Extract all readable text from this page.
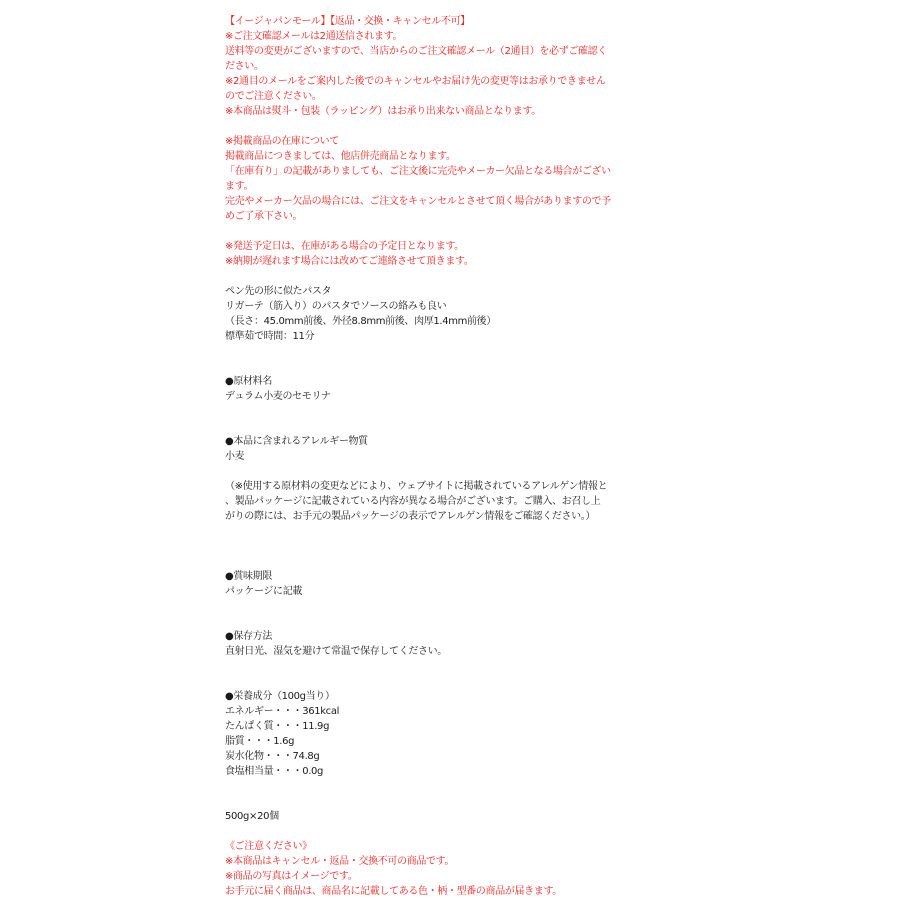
【イージャパンモール】【返品・交換・キャンセル不可】
※ご注文確認メールは2通送信されます。
送料等の変更がございますので、当店からのご注文確認メール（2通目）を必ずご確認く
ださい。
※2通目のメールをご案内した後でのキャンセルやお届け先の変更等はお承りできません
のでご注意ください。
※本商品は熨斗・包装（ラッピング）はお承り出来ない商品となります。
※掲載商品の在庫について
掲載商品につきましては、他店併売商品となります。
「在庫有り」の記載がありましても、ご注文後に完売やメーカー欠品となる場合がござい
ます。
完売やメーカー欠品の場合には、ご注文をキャンセルとさせて頂く場合がありますので予
めご了承下さい。
※発送予定日は、在庫がある場合の予定日となります。
※納期が遅れます場合には改めてご連絡させて頂きます。
ペン先の形に似たパスタ
リガーテ（筋入り）のパスタでソースの絡みも良い
（長さ：45.0mm前後、外径8.8mm前後、肉厚1.4mm前後）
標準茹で時間：11分
●原材料名
デュラム小麦のセモリナ
●本品に含まれるアレルギー物質
小麦
（※使用する原材料の変更などにより、ウェブサイトに掲載されているアレルゲン情報と
、製品パッケージに記載されている内容が異なる場合がございます。ご購入、お召し上
がりの際には、お手元の製品パッケージの表示でアレルゲン情報をご確認ください。）
●賞味期限
パッケージに記載
●保存方法
直射日光、湿気を避けて常温で保存してください。
●栄養成分（100g当り）
エネルギー・・・361kcal
たんぱく質・・・11.9g
脂質・・・1.6g
炭水化物・・・74.8g
食塩相当量・・・0.0g
500g×20個
《ご注意ください》
※本商品はキャンセル・返品・交換不可の商品です。
※商品の写真はイメージです。
お手元に届く商品は、商品名に記載してある色・柄・型番の商品が届きます。
